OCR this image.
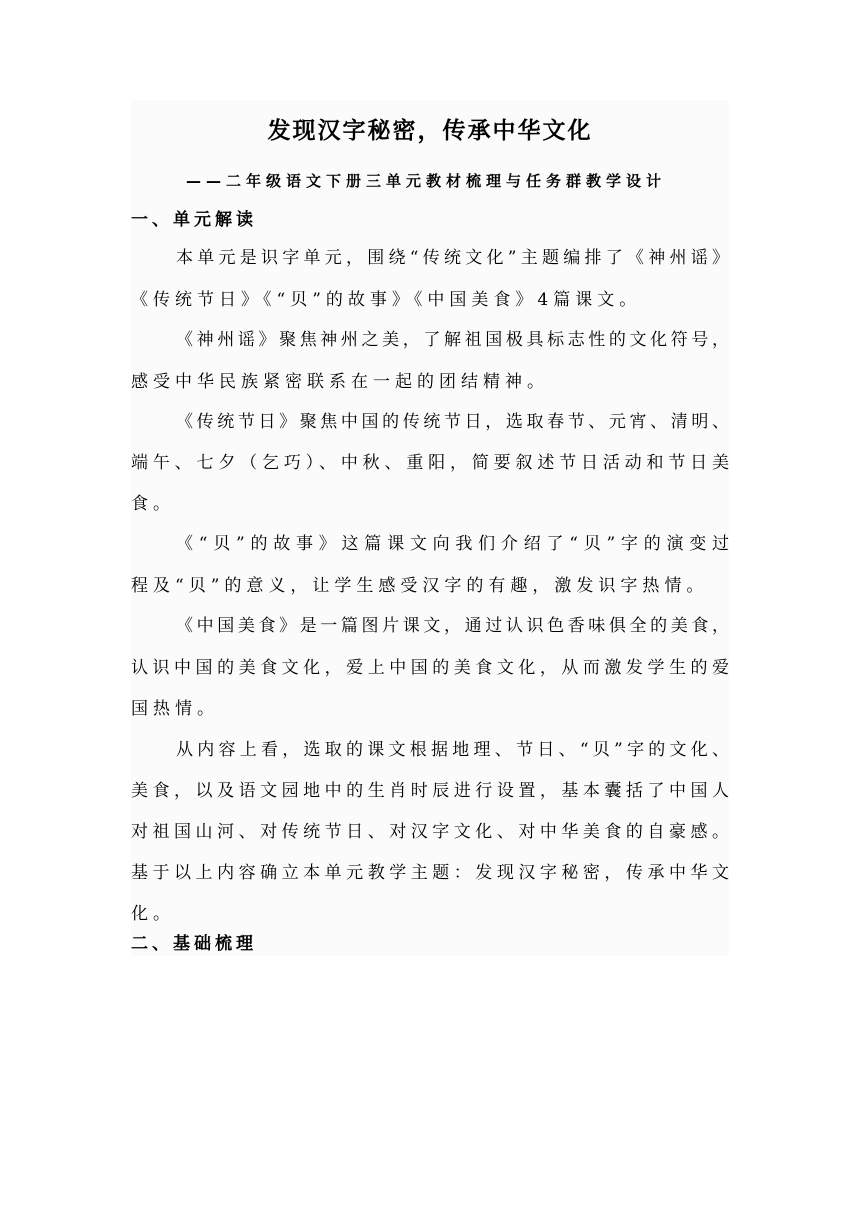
发现汉字秘密，传承中华文化

——二年级语文下册三单元教材梳理与任务群教学设计

一、单元解读

本单元是识字单元，围绕“传统文化”主题编排了《神州谣》

《传统节日》《“贝”的故事》《中国美食》4篇课文。

《神州谣》聚焦神州之美，了解祖国极具标志性的文化符号，

感受中华民族紧密联系在一起的团结精神。

《传统节日》聚焦中国的传统节日，选取春节、元宵、清明、

端午、七夕（乞巧）、中秋、重阳，简要叙述节日活动和节日美

食。

《“贝”的故事》这篇课文向我们介绍了“贝”字的演变过

程及“贝”的意义，让学生感受汉字的有趣，激发识字热情。

《中国美食》是一篇图片课文，通过认识色香味俱全的美食，

认识中国的美食文化，爱上中国的美食文化，从而激发学生的爱

国热情。

从内容上看，选取的课文根据地理、节日、“贝”字的文化、

美食，以及语文园地中的生肖时辰进行设置，基本囊括了中国人

对祖国山河、对传统节日、对汉字文化、对中华美食的自豪感。

基于以上内容确立本单元教学主题：发现汉字秘密，传承中华文

化。

二、基础梳理
